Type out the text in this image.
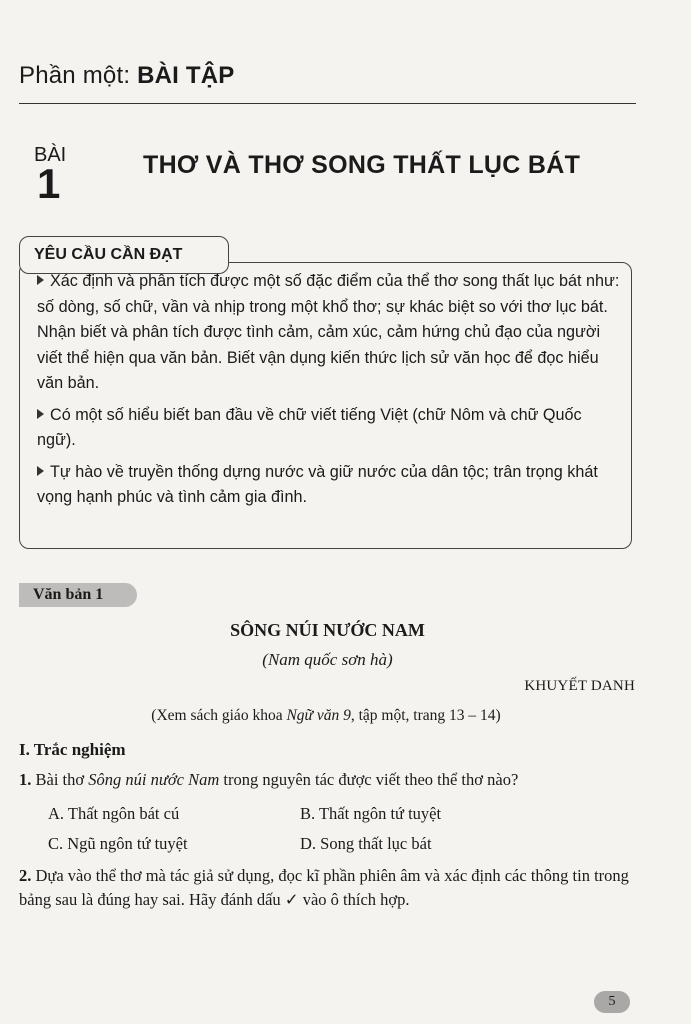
Phần một: BÀI TẬP
BÀI
1	THƠ VÀ THƠ SONG THẤT LỤC BÁT
YÊU CẦU CẦN ĐẠT
Xác định và phân tích được một số đặc điểm của thể thơ song thất lục bát như: số dòng, số chữ, vần và nhịp trong một khổ thơ; sự khác biệt so với thơ lục bát. Nhận biết và phân tích được tình cảm, cảm xúc, cảm hứng chủ đạo của người viết thể hiện qua văn bản. Biết vận dụng kiến thức lịch sử văn học để đọc hiểu văn bản.
Có một số hiểu biết ban đầu về chữ viết tiếng Việt (chữ Nôm và chữ Quốc ngữ).
Tự hào về truyền thống dựng nước và giữ nước của dân tộc; trân trọng khát vọng hạnh phúc và tình cảm gia đình.
Văn bản 1
SÔNG NÚI NƯỚC NAM
(Nam quốc sơn hà)
KHUYẾT DANH
(Xem sách giáo khoa Ngữ văn 9, tập một, trang 13 – 14)
I. Trắc nghiệm
1. Bài thơ Sông núi nước Nam trong nguyên tác được viết theo thể thơ nào?
A. Thất ngôn bát cú	B. Thất ngôn tứ tuyệt
C. Ngũ ngôn tứ tuyệt	D. Song thất lục bát
2. Dựa vào thể thơ mà tác giả sử dụng, đọc kĩ phần phiên âm và xác định các thông tin trong bảng sau là đúng hay sai. Hãy đánh dấu ✓ vào ô thích hợp.
5
